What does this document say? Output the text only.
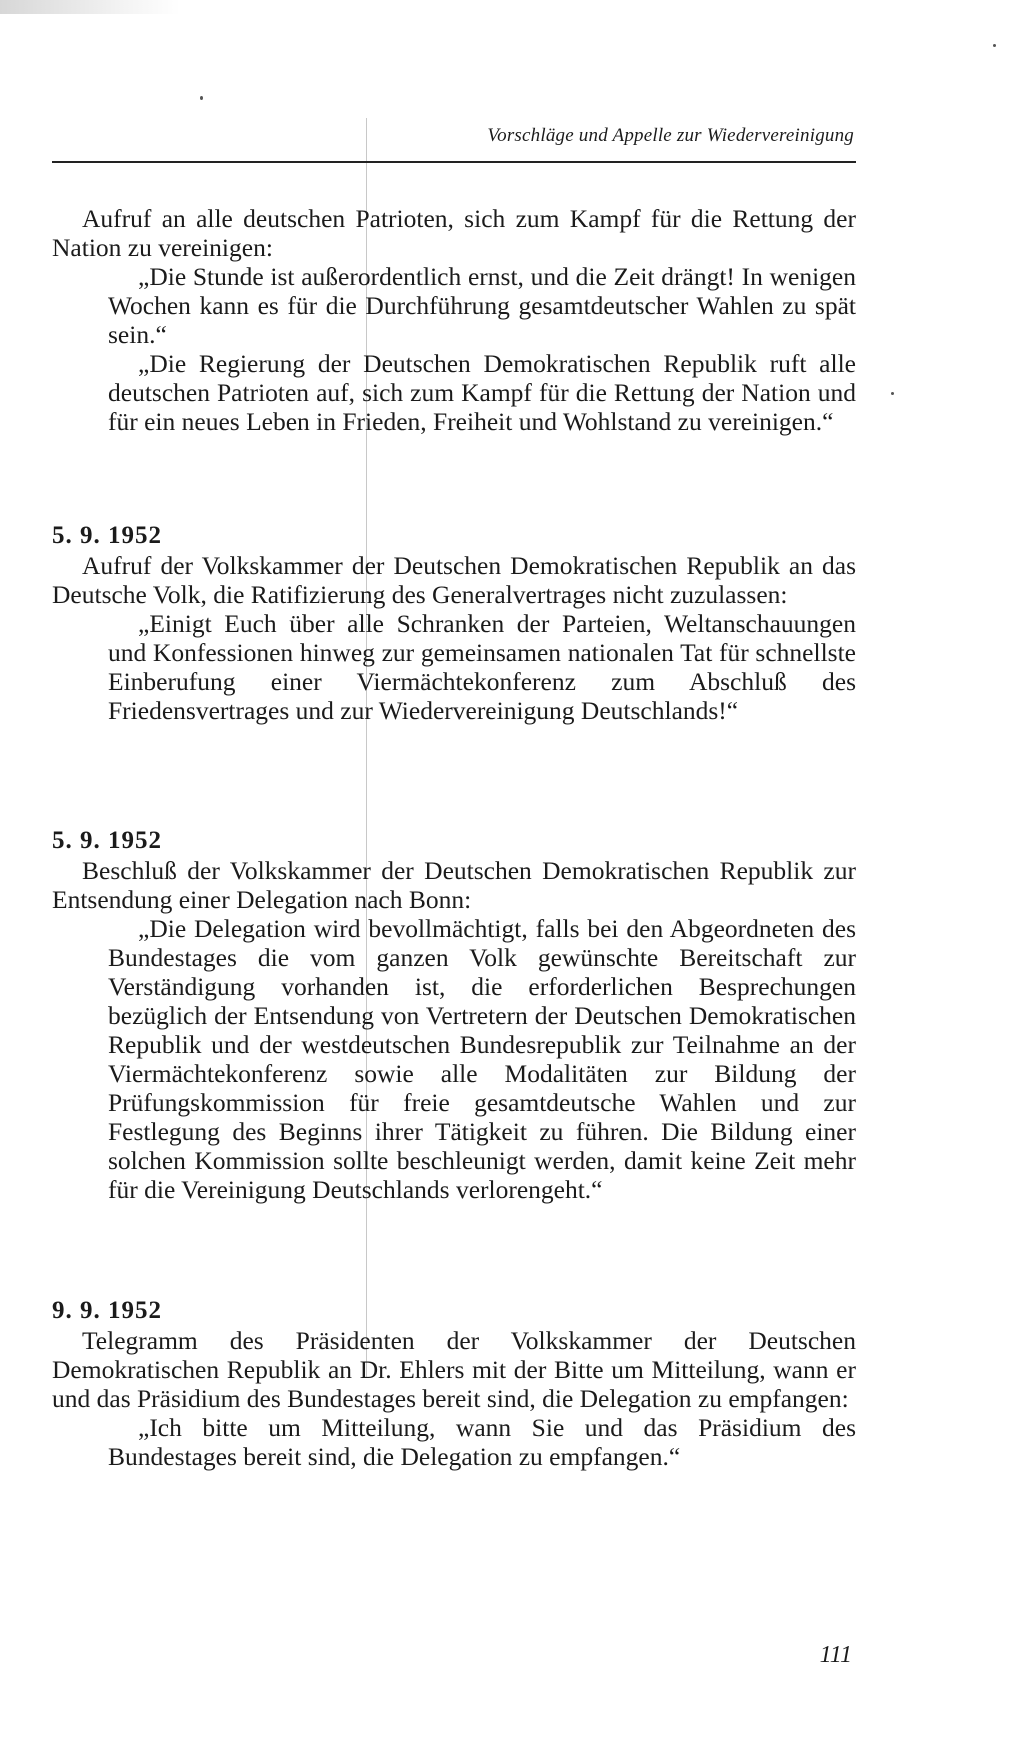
Vorschläge und Appelle zur Wiedervereinigung

Aufruf an alle deutschen Patrioten, sich zum Kampf für die Rettung der Nation zu vereinigen:

„Die Stunde ist außerordentlich ernst, und die Zeit drängt! In wenigen Wochen kann es für die Durchführung gesamtdeutscher Wahlen zu spät sein.“

„Die Regierung der Deutschen Demokratischen Republik ruft alle deutschen Patrioten auf, sich zum Kampf für die Rettung der Nation und für ein neues Leben in Frieden, Freiheit und Wohlstand zu vereinigen.“

5. 9. 1952

Aufruf der Volkskammer der Deutschen Demokratischen Republik an das Deutsche Volk, die Ratifizierung des Generalvertrages nicht zuzulassen:

„Einigt Euch über alle Schranken der Parteien, Weltanschauungen und Konfessionen hinweg zur gemeinsamen nationalen Tat für schnellste Einberufung einer Viermächtekonferenz zum Abschluß des Friedensvertrages und zur Wiedervereinigung Deutschlands!“

5. 9. 1952

Beschluß der Volkskammer der Deutschen Demokratischen Republik zur Entsendung einer Delegation nach Bonn:

„Die Delegation wird bevollmächtigt, falls bei den Abgeordneten des Bundestages die vom ganzen Volk gewünschte Bereitschaft zur Verständigung vorhanden ist, die erforderlichen Besprechungen bezüglich der Entsendung von Vertretern der Deutschen Demokratischen Republik und der westdeutschen Bundesrepublik zur Teilnahme an der Viermächtekonferenz sowie alle Modalitäten zur Bildung der Prüfungskommission für freie gesamtdeutsche Wahlen und zur Festlegung des Beginns ihrer Tätigkeit zu führen. Die Bildung einer solchen Kommission sollte beschleunigt werden, damit keine Zeit mehr für die Vereinigung Deutschlands verlorengeht.“

9. 9. 1952

Telegramm des Präsidenten der Volkskammer der Deutschen Demokratischen Republik an Dr. Ehlers mit der Bitte um Mitteilung, wann er und das Präsidium des Bundestages bereit sind, die Delegation zu empfangen:

„Ich bitte um Mitteilung, wann Sie und das Präsidium des Bundestages bereit sind, die Delegation zu empfangen.“

111
